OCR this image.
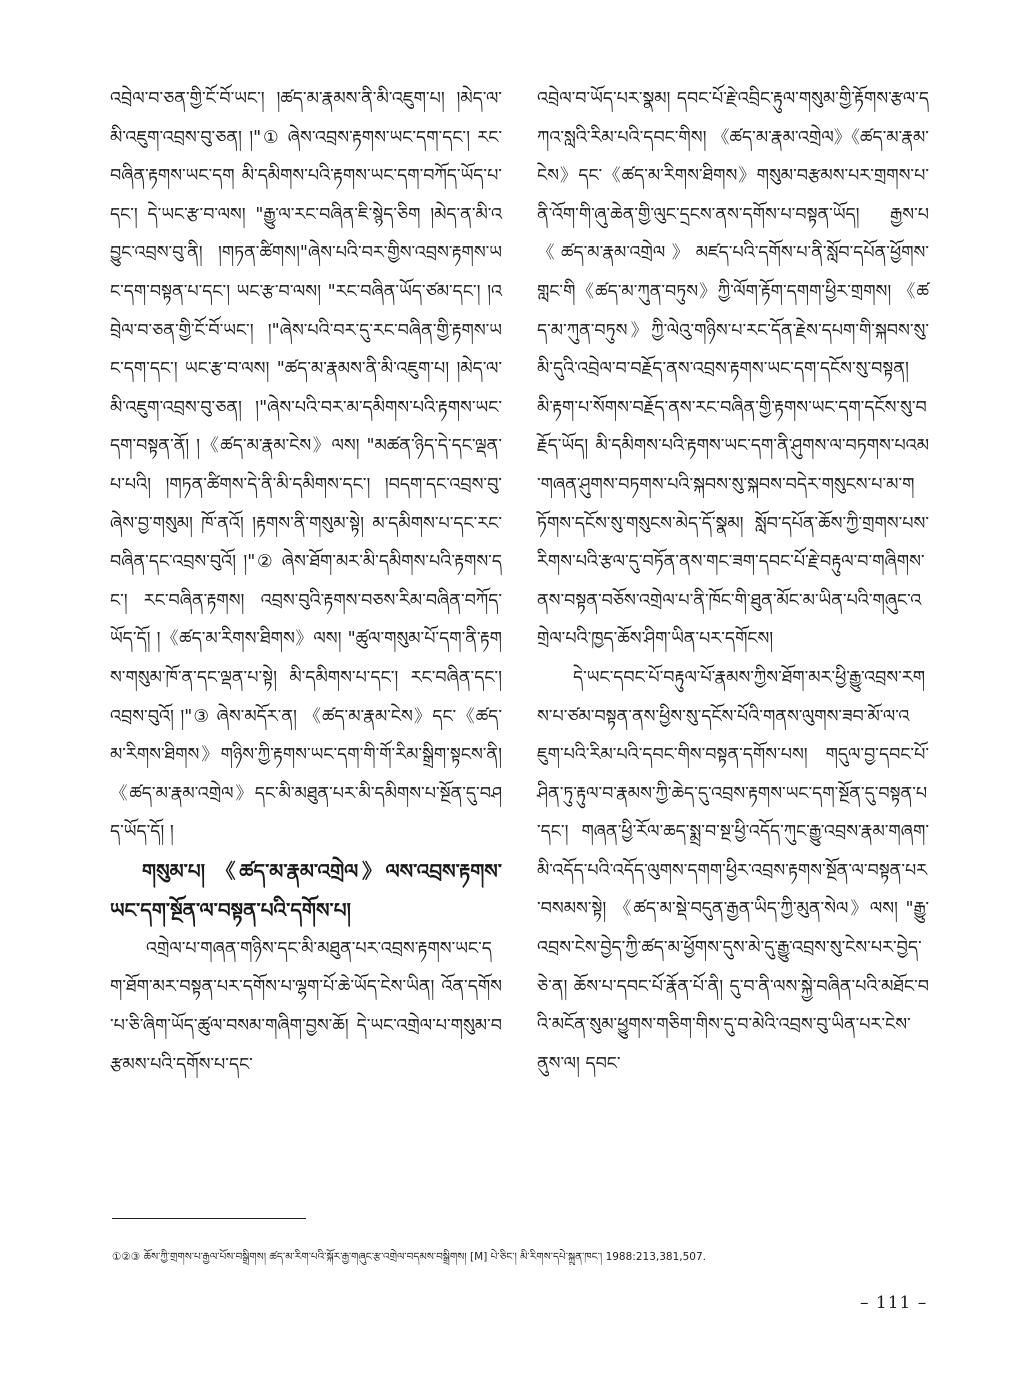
འབྲེལ་བ་ཅན་གྱི་ངོ་བོ་ཡང་། །ཚད་མ་རྣམས་ནི་མི་འཇུག་པ། །མེད་ལ་མི་འཇུག་འབྲས་བུ་ཅན། །"① ཞེས་འབྲས་རྟགས་ཡང་དག་དང་། རང་བཞིན་རྟགས་ཡང་དག མི་དམིགས་པའི་རྟགས་ཡང་དག་བཀོད་ཡོད་པ་དང་། དེ་ཡང་རྩ་བ་ལས། "རྒྱུ་ལ་རང་བཞིན་ཇི་སྙེད་ཅིག །མེད་ན་མི་འབྱུང་འབྲས་བུ་ནི། །གཏན་ཚིགས།"ཞེས་པའི་བར་གྱིས་འབྲས་རྟགས་ཡང་དག་བསྟན་པ་དང་། ཡང་རྩ་བ་ལས། "རང་བཞིན་ཡོད་ཙམ་དང་། །འབྲེལ་བ་ཅན་གྱི་ངོ་བོ་ཡང་། །"ཞེས་པའི་བར་དུ་རང་བཞིན་གྱི་རྟགས་ཡང་དག་དང་། ཡང་རྩ་བ་ལས། "ཚད་མ་རྣམས་ནི་མི་འཇུག་པ། །མེད་ལ་མི་འཇུག་འབྲས་བུ་ཅན། །"ཞེས་པའི་བར་མ་དམིགས་པའི་རྟགས་ཡང་དག་བསྟན་ནོ། །《ཚད་མ་རྣམ་ངེས》ལས། "མཚན་ཉིད་དེ་དང་ལྡན་པ་པའི། །གཏན་ཚིགས་དེ་ནི་མི་དམིགས་དང་། །བདག་དང་འབྲས་བུ་ཞེས་བྱ་གསུམ། ཁོ་ནའོ། །རྟགས་ནི་གསུམ་སྟེ། མ་དམིགས་པ་དང་རང་བཞིན་དང་འབྲས་བུའོ། །"② ཞེས་ཐོག་མར་མི་དམིགས་པའི་རྟགས་དང་། རང་བཞིན་རྟགས། འབྲས་བུའི་རྟགས་བཅས་རིམ་བཞིན་བཀོད་ཡོད་དོ། །《ཚད་མ་རིགས་ཐིགས》ལས། "ཚུལ་གསུམ་པོ་དག་ནི་རྟགས་གསུམ་ཁོ་ན་དང་ལྡན་པ་སྟེ། མི་དམིགས་པ་དང་། རང་བཞིན་དང་། འབྲས་བུའོ། །"③ ཞེས་མདོར་ན། 《ཚད་མ་རྣམ་ངེས》དང་《ཚད་མ་རིགས་ཐིགས》གཉིས་ཀྱི་རྟགས་ཡང་དག་གི་གོ་རིམ་སྒྲིག་སྟངས་ནི། 《ཚད་མ་རྣམ་འགྲེལ》དང་མི་མཐུན་པར་མི་དམིགས་པ་སྔོན་དུ་བཤད་ཡོད་དོ། །

གསུམ་པ། 《ཚད་མ་རྣམ་འགྲེལ》ལས་འབྲས་རྟགས་ཡང་དག་སྔོན་ལ་བསྟན་པའི་དགོས་པ།

འགྲེལ་པ་གཞན་གཉིས་དང་མི་མཐུན་པར་འབྲས་རྟགས་ཡང་དག་ཐོག་མར་བསྟན་པར་དགོས་པ་ལྷག་པོ་ཆེ་ཡོད་ངེས་ཡིན། འོན་དགོས་པ་ཅི་ཞིག་ཡོད་ཚུལ་བསམ་གཞིག་བྱས་ཆོ། དེ་ཡང་འགྲེལ་པ་གསུམ་བརྩམས་པའི་དགོས་པ་དང་

འབྲེལ་བ་ཡོད་པར་སྣམ། དབང་པོ་རྗེ་འབྲིང་རྟུལ་གསུམ་གྱི་རྟོགས་རྩལ་དཀའ་སླའི་རིམ་པའི་དབང་གིས། 《ཚད་མ་རྣམ་འགྲེལ》《ཚད་མ་རྣམ་ངེས》དང་《ཚད་མ་རིགས་ཐིགས》གསུམ་བརྩམས་པར་གྲགས་པ་ནི་འོག་གི་ཞུ་ཆེན་གྱི་ལུང་དྲངས་ནས་དགོས་པ་བསྟན་ཡོད། རྒྱས་པ《ཚད་མ་རྣམ་འགྲེལ》མཛད་པའི་དགོས་པ་ནི་སློབ་དཔོན་ཕྱོགས་གླང་གི《ཚད་མ་ཀུན་བཏུས》ཀྱི་ལོག་རྟོག་དགག་ཕྱིར་གྲགས། 《ཚད་མ་ཀུན་བཏུས》ཀྱི་ལེའུ་གཉིས་པ་རང་དོན་རྗེས་དཔག་གི་སྐབས་སུ་མི་དུའི་འབྲེལ་བ་བརྗོད་ནས་འབྲས་རྟགས་ཡང་དག་དངོས་སུ་བསྟན། མི་རྟག་པ་སོགས་བརྗོད་ནས་རང་བཞིན་གྱི་རྟགས་ཡང་དག་དངོས་སུ་བརྗོད་ཡོད། མི་དམིགས་པའི་རྟགས་ཡང་དག་ནི་ཤུགས་ལ་བཏགས་པའམ་གཞན་ཤུགས་བཏགས་པའི་སྐབས་སུ་སྐབས་བདེར་གསུངས་པ་མ་གཏོགས་དངོས་སུ་གསུངས་མེད་དོ་སྣམ། སློབ་དཔོན་ཆོས་ཀྱི་གྲགས་པས་རིགས་པའི་རྩལ་དུ་བཏོན་ནས་གང་ཟག་དབང་པོ་རྗེ་བརྟུལ་བ་གཞིགས་ནས་བསྟན་བཅོས་འགྲེལ་པ་ནི་ཁོང་གི་ཐུན་མོང་མ་ཡིན་པའི་གཞུང་འགྲེལ་པའི་ཁྱད་ཆོས་ཤིག་ཡིན་པར་དགོངས།

དེ་ཡང་དབང་པོ་བརྟུལ་པོ་རྣམས་ཀྱིས་ཐོག་མར་ཕྱི་རྒྱུ་འབྲས་རགས་པ་ཙམ་བསྟན་ནས་ཕྱིས་སུ་དངོས་པོའི་གནས་ལུགས་ཟབ་མོ་ལ་འཇུག་པའི་རིམ་པའི་དབང་གིས་བསྟན་དགོས་པས། གདུལ་བྱ་དབང་པོ་ཤིན་ཏུ་རྟུལ་བ་རྣམས་ཀྱི་ཆེད་དུ་འབྲས་རྟགས་ཡང་དག་སྔོན་དུ་བསྟན་པ་དང་། གཞན་ཕྱི་རོལ་ཆད་སྨྲ་བ་སྔ་ཕྱི་འདོད་ཀུང་རྒྱུ་འབྲས་རྣམ་གཞག་མི་འདོད་པའི་འདོད་ལུགས་དགག་ཕྱིར་འབྲས་རྟགས་སྔོན་ལ་བསྟན་པར་བསམས་སྟེ། 《ཚད་མ་སྡེ་བདུན་རྒྱན་ཡིད་ཀྱི་མུན་སེལ》ལས། "རྒྱུ་འབྲས་ངེས་བྱེད་ཀྱི་ཚད་མ་ཕྱོགས་དུས་མེ་དུ་རྒྱུ་འབྲས་སུ་ངེས་པར་བྱེད་ཅེ་ན། ཆོས་པ་དབང་པོ་རྣོན་པོ་ནི། དུ་བ་ནི་ལས་སྐྱེ་བཞིན་པའི་མཐོང་བའི་མངོན་སུམ་ཕྱུགས་གཅིག་གིས་དུ་བ་མེའི་འབྲས་བུ་ཡིན་པར་ངེས་ནུས་ལ། དབང་

①②③ ཆོས་ཀྱི་གྲགས་པ་རྒྱལ་པོས་བསྒྲིགས། ཚད་མ་རིག་པའི་སྐོར་རྒྱ་གཞུང་རྩ་འགྲེལ་བདམས་བསྒྲིགས། [M] པེ་ཅིང་། མི་རིགས་དཔེ་སྐྲུན་ཁང་། 1988:213,381,507.
– 111 –
